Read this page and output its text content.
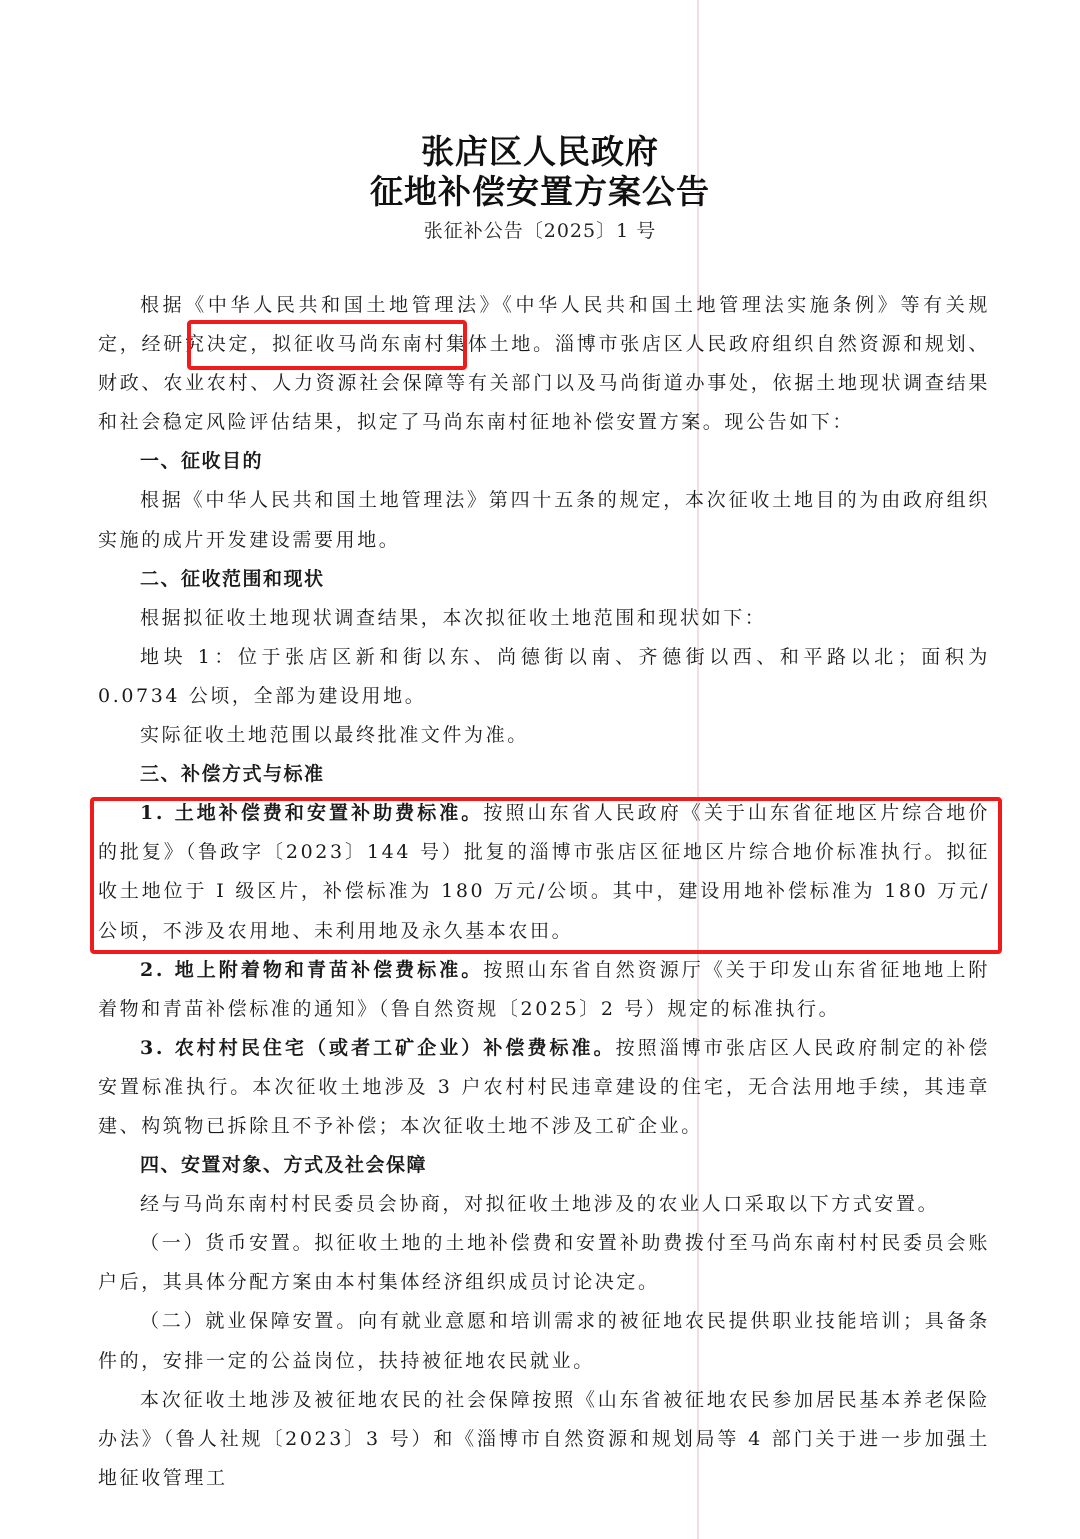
张店区人民政府
征地补偿安置方案公告
张征补公告〔2025〕1 号

根据《中华人民共和国土地管理法》《中华人民共和国土地管理法实施条例》等有关规定，经研究决定，拟征收马尚东南村集体土地。淄博市张店区人民政府组织自然资源和规划、财政、农业农村、人力资源社会保障等有关部门以及马尚街道办事处，依据土地现状调查结果和社会稳定风险评估结果，拟定了马尚东南村征地补偿安置方案。现公告如下：

一、征收目的

根据《中华人民共和国土地管理法》第四十五条的规定，本次征收土地目的为由政府组织实施的成片开发建设需要用地。

二、征收范围和现状

根据拟征收土地现状调查结果，本次拟征收土地范围和现状如下：

地块 1：位于张店区新和街以东、尚德街以南、齐德街以西、和平路以北；面积为 0.0734 公顷，全部为建设用地。

实际征收土地范围以最终批准文件为准。

三、补偿方式与标准

1. 土地补偿费和安置补助费标准。按照山东省人民政府《关于山东省征地区片综合地价的批复》（鲁政字〔2023〕144 号）批复的淄博市张店区征地区片综合地价标准执行。拟征收土地位于 I 级区片，补偿标准为 180 万元/公顷。其中，建设用地补偿标准为 180 万元/公顷，不涉及农用地、未利用地及永久基本农田。

2. 地上附着物和青苗补偿费标准。按照山东省自然资源厅《关于印发山东省征地地上附着物和青苗补偿标准的通知》（鲁自然资规〔2025〕2 号）规定的标准执行。

3. 农村村民住宅（或者工矿企业）补偿费标准。按照淄博市张店区人民政府制定的补偿安置标准执行。本次征收土地涉及 3 户农村村民违章建设的住宅，无合法用地手续，其违章建、构筑物已拆除且不予补偿；本次征收土地不涉及工矿企业。

四、安置对象、方式及社会保障

经与马尚东南村村民委员会协商，对拟征收土地涉及的农业人口采取以下方式安置。

（一）货币安置。拟征收土地的土地补偿费和安置补助费拨付至马尚东南村村民委员会账户后，其具体分配方案由本村集体经济组织成员讨论决定。

（二）就业保障安置。向有就业意愿和培训需求的被征地农民提供职业技能培训；具备条件的，安排一定的公益岗位，扶持被征地农民就业。

本次征收土地涉及被征地农民的社会保障按照《山东省被征地农民参加居民基本养老保险办法》（鲁人社规〔2023〕3 号）和《淄博市自然资源和规划局等 4 部门关于进一步加强土地征收管理工
